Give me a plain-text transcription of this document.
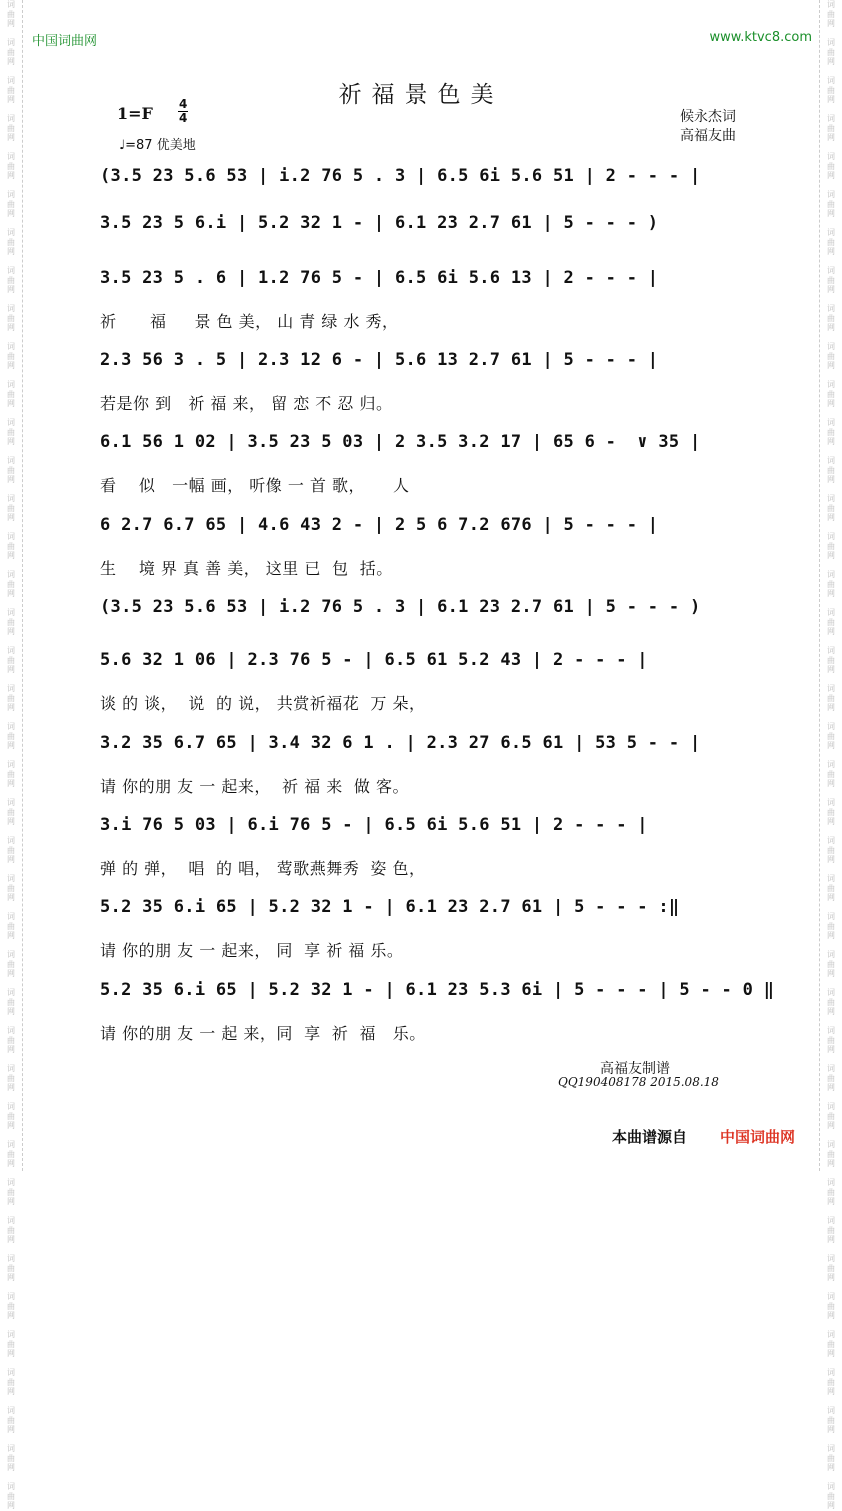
词
曲
网

词
曲
网

词
曲
网

词
曲
网

词
曲
网

词
曲
网

词
曲
网

词
曲
网

词
曲
网

词
曲
网

词
曲
网

词
曲
网

词
曲
网

词
曲
网

词
曲
网

词
曲
网

词
曲
网

词
曲
网

词
曲
网

词
曲
网

词
曲
网

词
曲
网

词
曲
网

词
曲
网

词
曲
网

词
曲
网

词
曲
网

词
曲
网

词
曲
网

词
曲
网

词
曲
网

词
曲
网

词
曲
网

词
曲
网

词
曲
网

词
曲
网

词
曲
网

词
曲
网

词
曲
网

词
曲
网

词
曲
网

词
曲
网

词
曲
网

词
曲
网

词
曲
网

词
曲
网

词
曲
网

词
曲
网

词
曲
网

词
曲
网

词
曲
网

词
曲
网

词
曲
网

词
曲
网

词
曲
网

词
曲
网

词
曲
网

词
曲
网

词
曲
网

词
曲
网

词
曲
网

词
曲
网

词
曲
网

词
曲
网

词
曲
网

词
曲
网

词
曲
网

词
曲
网

词
曲
网

词
曲
网

词
曲
网

词
曲
网

词
曲
网

词
曲
网

词
曲
网

词
曲
网

词
曲
网

词
曲
网

词
曲
网

词
曲
网

中国词曲网	www.ktvc8.com
祈福景色美
1=F 4
4
♩=87 优美地
候永杰词
高福友曲
(3.5 23 5.6 53 | i.2 76 5 . 3 | 6.5 6i 5.6 51 | 2 - - - |
3.5 23 5 6.i | 5.2 32 1 - | 6.1 23 2.7 61 | 5 - - - )
3.5 23 5 . 6 | 1.2 76 5 - | 6.5 6i 5.6 13 | 2 - - - |
祈      福     景 色 美， 山 青 绿 水 秀，
2.3 56 3 . 5 | 2.3 12 6 - | 5.6 13 2.7 61 | 5 - - - |
若是你 到   祈 福 来， 留 恋 不 忍 归。
6.1 56 1 02 | 3.5 23 5 03 | 2 3.5 3.2 17 | 65 6 -  ∨ 35 |
看    似   一幅 画， 听像 一 首 歌，     人
6 2.7 6.7 65 | 4.6 43 2 - | 2 5 6 7.2 676 | 5 - - - |
生    境 界 真 善 美， 这里 已  包  括。
(3.5 23 5.6 53 | i.2 76 5 . 3 | 6.1 23 2.7 61 | 5 - - - )
5.6 32 1 06 | 2.3 76 5 - | 6.5 61 5.2 43 | 2 - - - |
谈 的 谈，  说  的 说， 共赏祈福花  万 朵，
3.2 35 6.7 65 | 3.4 32 6 1 . | 2.3 27 6.5 61 | 53 5 - - |
请 你的朋 友 一 起来，  祈 福 来  做 客。
3.i 76 5 03 | 6.i 76 5 - | 6.5 6i 5.6 51 | 2 - - - |
弹 的 弹，  唱  的 唱， 莺歌燕舞秀  姿 色，
5.2 35 6.i 65 | 5.2 32 1 - | 6.1 23 2.7 61 | 5 - - - :‖
请 你的朋 友 一 起来， 同  享 祈 福 乐。
5.2 35 6.i 65 | 5.2 32 1 - | 6.1 23 5.3 6i | 5 - - - | 5 - - 0 ‖
请 你的朋 友 一 起 来，同  享  祈  福   乐。
高福友制谱
QQ190408178 2015.08.18
本曲谱源自 中国词曲网
